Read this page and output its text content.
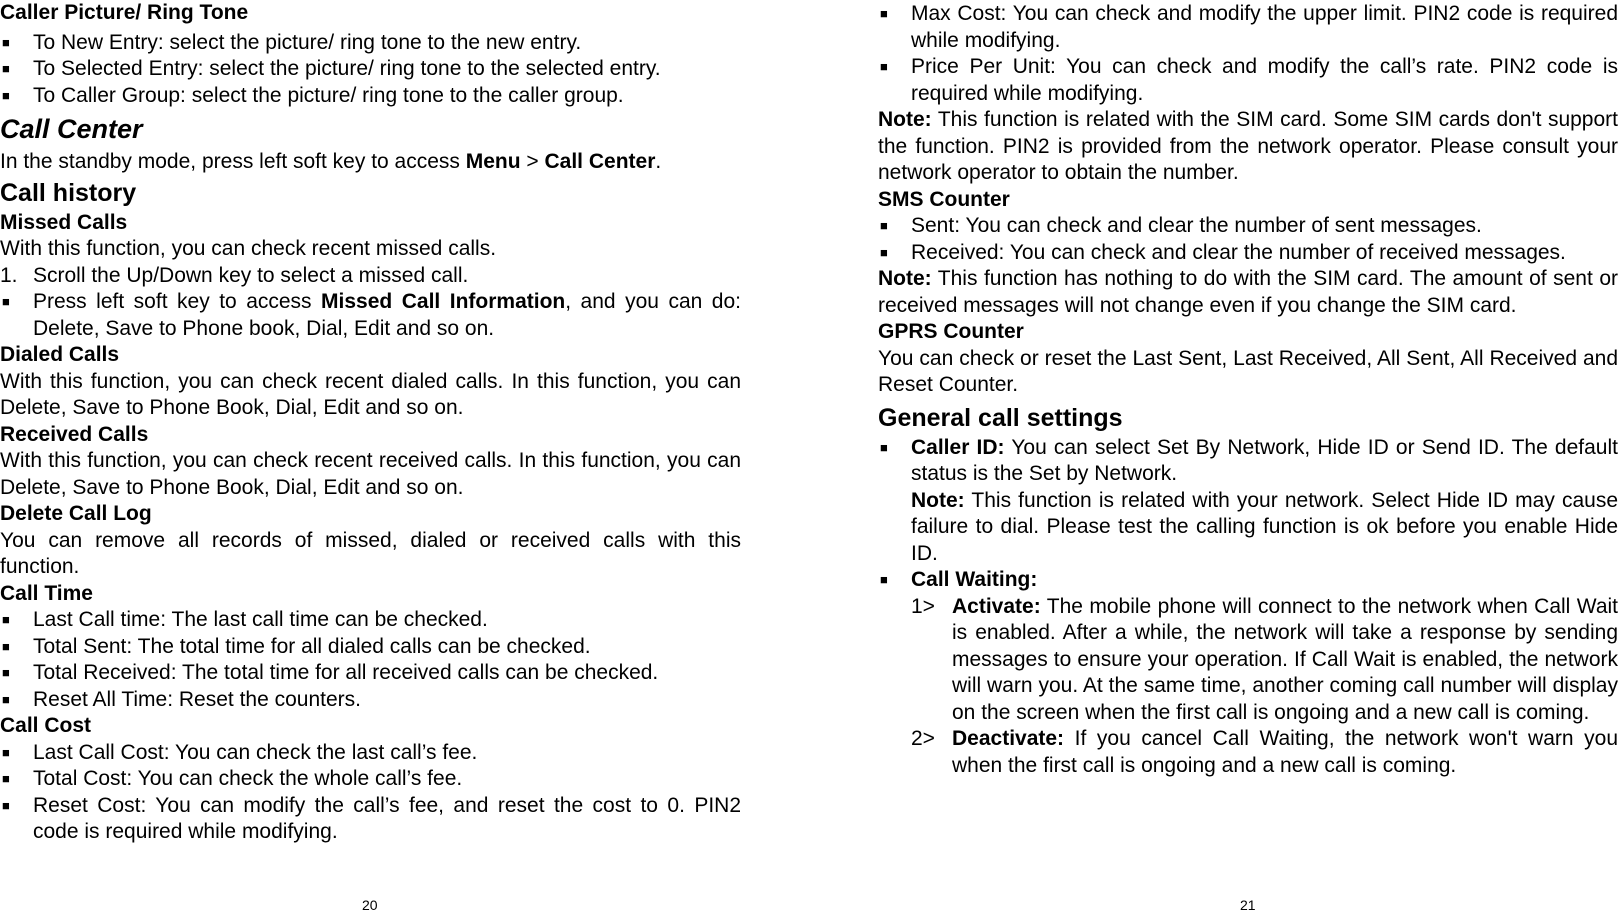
Caller Picture/ Ring Tone
■ To New Entry: select the picture/ ring tone to the new entry.
■ To Selected Entry: select the picture/ ring tone to the selected entry.
■ To Caller Group: select the picture/ ring tone to the caller group.
Call Center

In the standby mode, press left soft key to access Menu > Call Center.

Call history
Missed Calls

With this function, you can check recent missed calls.

1. Scroll the Up/Down key to select a missed call.
■ Press left soft key to access Missed Call Information, and you can do: Delete, Save to Phone book, Dial, Edit and so on.
Dialed Calls

With this function, you can check recent dialed calls. In this function, you can Delete, Save to Phone Book, Dial, Edit and so on.

Received Calls

With this function, you can check recent received calls. In this function, you can Delete, Save to Phone Book, Dial, Edit and so on.

Delete Call Log

You can remove all records of missed, dialed or received calls with this function.

Call Time
■ Last Call time: The last call time can be checked.
■ Total Sent: The total time for all dialed calls can be checked.
■ Total Received: The total time for all received calls can be checked.
■ Reset All Time: Reset the counters.
Call Cost
■ Last Call Cost: You can check the last call’s fee.
■ Total Cost: You can check the whole call’s fee.
■ Reset Cost: You can modify the call’s fee, and reset the cost to 0. PIN2 code is required while modifying.
20
■ Max Cost: You can check and modify the upper limit. PIN2 code is required while modifying.
■ Price Per Unit: You can check and modify the call’s rate. PIN2 code is required while modifying.

Note: This function is related with the SIM card. Some SIM cards don't support the function. PIN2 is provided from the network operator. Please consult your network operator to obtain the number.

SMS Counter
■ Sent: You can check and clear the number of sent messages.
■ Received: You can check and clear the number of received messages.

Note: This function has nothing to do with the SIM card. The amount of sent or received messages will not change even if you change the SIM card.

GPRS Counter

You can check or reset the Last Sent, Last Received, All Sent, All Received and Reset Counter.

General call settings
■ Caller ID: You can select Set By Network, Hide ID or Send ID. The default status is the Set by Network.
Note: This function is related with your network. Select Hide ID may cause failure to dial. Please test the calling function is ok before you enable Hide ID.
■ Call Waiting:
1> Activate: The mobile phone will connect to the network when Call Wait is enabled. After a while, the network will take a response by sending messages to ensure your operation. If Call Wait is enabled, the network will warn you. At the same time, another coming call number will display on the screen when the first call is ongoing and a new call is coming.
2> Deactivate: If you cancel Call Waiting, the network won't warn you when the first call is ongoing and a new call is coming.
21
